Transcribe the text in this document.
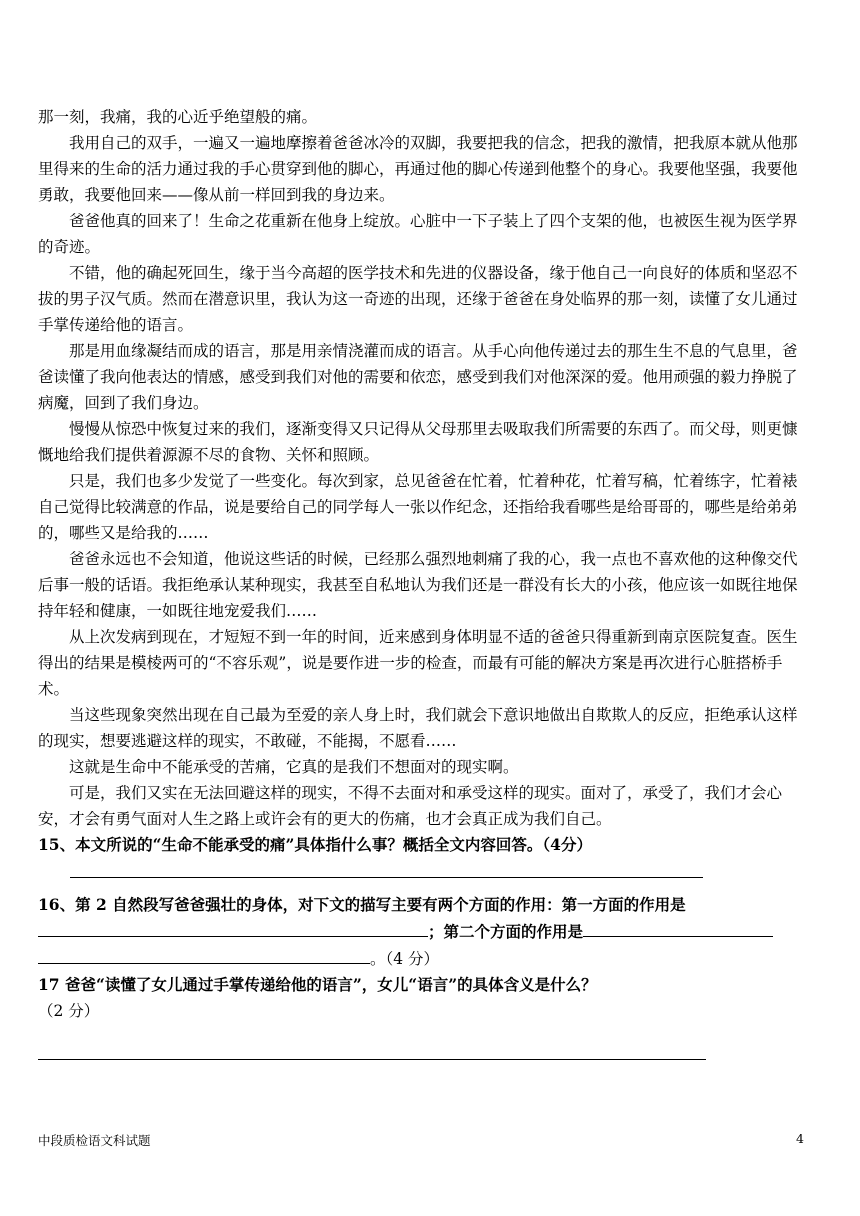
那一刻，我痛，我的心近乎绝望般的痛。

我用自己的双手，一遍又一遍地摩擦着爸爸冰冷的双脚，我要把我的信念，把我的激情，把我原本就从他那里得来的生命的活力通过我的手心贯穿到他的脚心，再通过他的脚心传递到他整个的身心。我要他坚强，我要他勇敢，我要他回来——像从前一样回到我的身边来。

爸爸他真的回来了！生命之花重新在他身上绽放。心脏中一下子装上了四个支架的他，也被医生视为医学界的奇迹。

不错，他的确起死回生，缘于当今高超的医学技术和先进的仪器设备，缘于他自己一向良好的体质和坚忍不拔的男子汉气质。然而在潜意识里，我认为这一奇迹的出现，还缘于爸爸在身处临界的那一刻，读懂了女儿通过手掌传递给他的语言。

那是用血缘凝结而成的语言，那是用亲情浇灌而成的语言。从手心向他传递过去的那生生不息的气息里，爸爸读懂了我向他表达的情感，感受到我们对他的需要和依恋，感受到我们对他深深的爱。他用顽强的毅力挣脱了病魔，回到了我们身边。

慢慢从惊恐中恢复过来的我们，逐渐变得又只记得从父母那里去吸取我们所需要的东西了。而父母，则更慷慨地给我们提供着源源不尽的食物、关怀和照顾。

只是，我们也多少发觉了一些变化。每次到家，总见爸爸在忙着，忙着种花，忙着写稿，忙着练字，忙着裱自己觉得比较满意的作品，说是要给自己的同学每人一张以作纪念，还指给我看哪些是给哥哥的，哪些是给弟弟的，哪些又是给我的……

爸爸永远也不会知道，他说这些话的时候，已经那么强烈地刺痛了我的心，我一点也不喜欢他的这种像交代后事一般的话语。我拒绝承认某种现实，我甚至自私地认为我们还是一群没有长大的小孩，他应该一如既往地保持年轻和健康，一如既往地宠爱我们……

从上次发病到现在，才短短不到一年的时间，近来感到身体明显不适的爸爸只得重新到南京医院复查。医生得出的结果是模棱两可的“不容乐观”，说是要作进一步的检查，而最有可能的解决方案是再次进行心脏搭桥手术。

当这些现象突然出现在自己最为至爱的亲人身上时，我们就会下意识地做出自欺欺人的反应，拒绝承认这样的现实，想要逃避这样的现实，不敢碰，不能揭，不愿看……

这就是生命中不能承受的苦痛，它真的是我们不想面对的现实啊。

可是，我们又实在无法回避这样的现实，不得不去面对和承受这样的现实。面对了，承受了，我们才会心安，才会有勇气面对人生之路上或许会有的更大的伤痛，也才会真正成为我们自己。

15、本文所说的“生命不能承受的痛”具体指什么事？概括全文内容回答。（4分）

16、第 2 自然段写爸爸强壮的身体，对下文的描写主要有两个方面的作用：第一方面的作用是；第二个方面的作用是

。（4 分）

17 爸爸“读懂了女儿通过手掌传递给他的语言”，女儿“语言”的具体含义是什么？

（2 分）

中段质检语文科试题	4
